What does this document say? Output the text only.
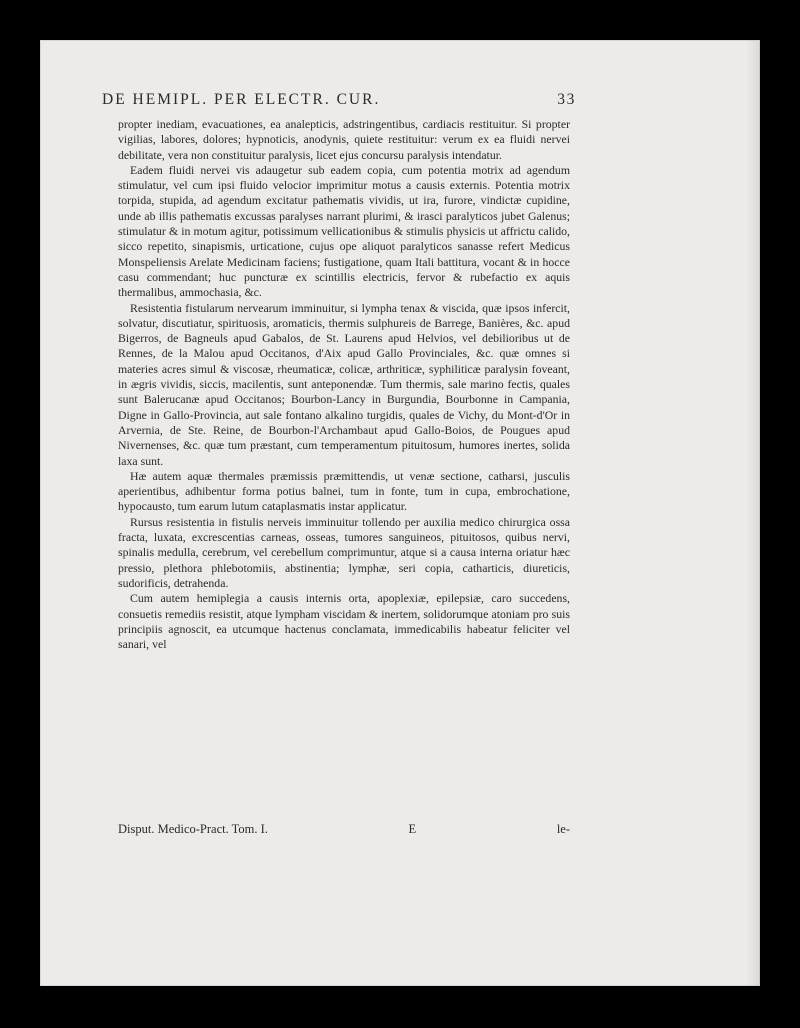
DE HEMIPL. PER ELECTR. CUR.	33

propter inediam, evacuationes, ea analepticis, adstringentibus, cardiacis restituitur. Si propter vigilias, labores, dolores; hypnoticis, anodynis, quiete restituitur: verum ex ea fluidi nervei debilitate, vera non constituitur paralysis, licet ejus concursu paralysis intendatur.

Eadem fluidi nervei vis adaugetur sub eadem copia, cum potentia motrix ad agendum stimulatur, vel cum ipsi fluido velocior imprimitur motus a causis externis. Potentia motrix torpida, stupida, ad agendum excitatur pathematis vividis, ut ira, furore, vindictæ cupidine, unde ab illis pathematis excussas paralyses narrant plurimi, & irasci paralyticos jubet Galenus; stimulatur & in motum agitur, potissimum vellicationibus & stimulis physicis ut affrictu calido, sicco repetito, sinapismis, urticatione, cujus ope aliquot paralyticos sanasse refert Medicus Monspeliensis Arelate Medicinam faciens; fustigatione, quam Itali battitura, vocant & in hocce casu commendant; huc puncturæ ex scintillis electricis, fervor & rubefactio ex aquis thermalibus, ammochasia, &c.

Resistentia fistularum nervearum imminuitur, si lympha tenax & viscida, quæ ipsos infercit, solvatur, discutiatur, spirituosis, aromaticis, thermis sulphureis de Barrege, Banières, &c. apud Bigerros, de Bagneuls apud Gabalos, de St. Laurens apud Helvios, vel debilioribus ut de Rennes, de la Malou apud Occitanos, d'Aix apud Gallo Provinciales, &c. quæ omnes si materies acres simul & viscosæ, rheumaticæ, colicæ, arthriticæ, syphiliticæ paralysin foveant, in ægris vividis, siccis, macilentis, sunt anteponendæ. Tum thermis, sale marino fectis, quales sunt Balerucanæ apud Occitanos; Bourbon-Lancy in Burgundia, Bourbonne in Campania, Digne in Gallo-Provincia, aut sale fontano alkalino turgidis, quales de Vichy, du Mont-d'Or in Arvernia, de Ste. Reine, de Bourbon-l'Archambaut apud Gallo-Boios, de Pougues apud Nivernenses, &c. quæ tum præstant, cum temperamentum pituitosum, humores inertes, solida laxa sunt.

Hæ autem aquæ thermales præmissis præmittendis, ut venæ sectione, catharsi, jusculis aperientibus, adhibentur forma potius balnei, tum in fonte, tum in cupa, embrochatione, hypocausto, tum earum lutum cataplasmatis instar applicatur.

Rursus resistentia in fistulis nerveis imminuitur tollendo per auxilia medico chirurgica ossa fracta, luxata, excrescentias carneas, osseas, tumores sanguineos, pituitosos, quibus nervi, spinalis medulla, cerebrum, vel cerebellum comprimuntur, atque si a causa interna oriatur hæc pressio, plethora phlebotomiis, abstinentia; lymphæ, seri copia, catharticis, diureticis, sudorificis, detrahenda.

Cum autem hemiplegia a causis internis orta, apoplexiæ, epilepsiæ, caro succedens, consuetis remediis resistit, atque lympham viscidam & inertem, solidorumque atoniam pro suis principiis agnoscit, ea utcumque hactenus conclamata, immedicabilis habeatur feliciter vel sanari, vel

Disput. Medico-Pract. Tom. I.	E	le-
